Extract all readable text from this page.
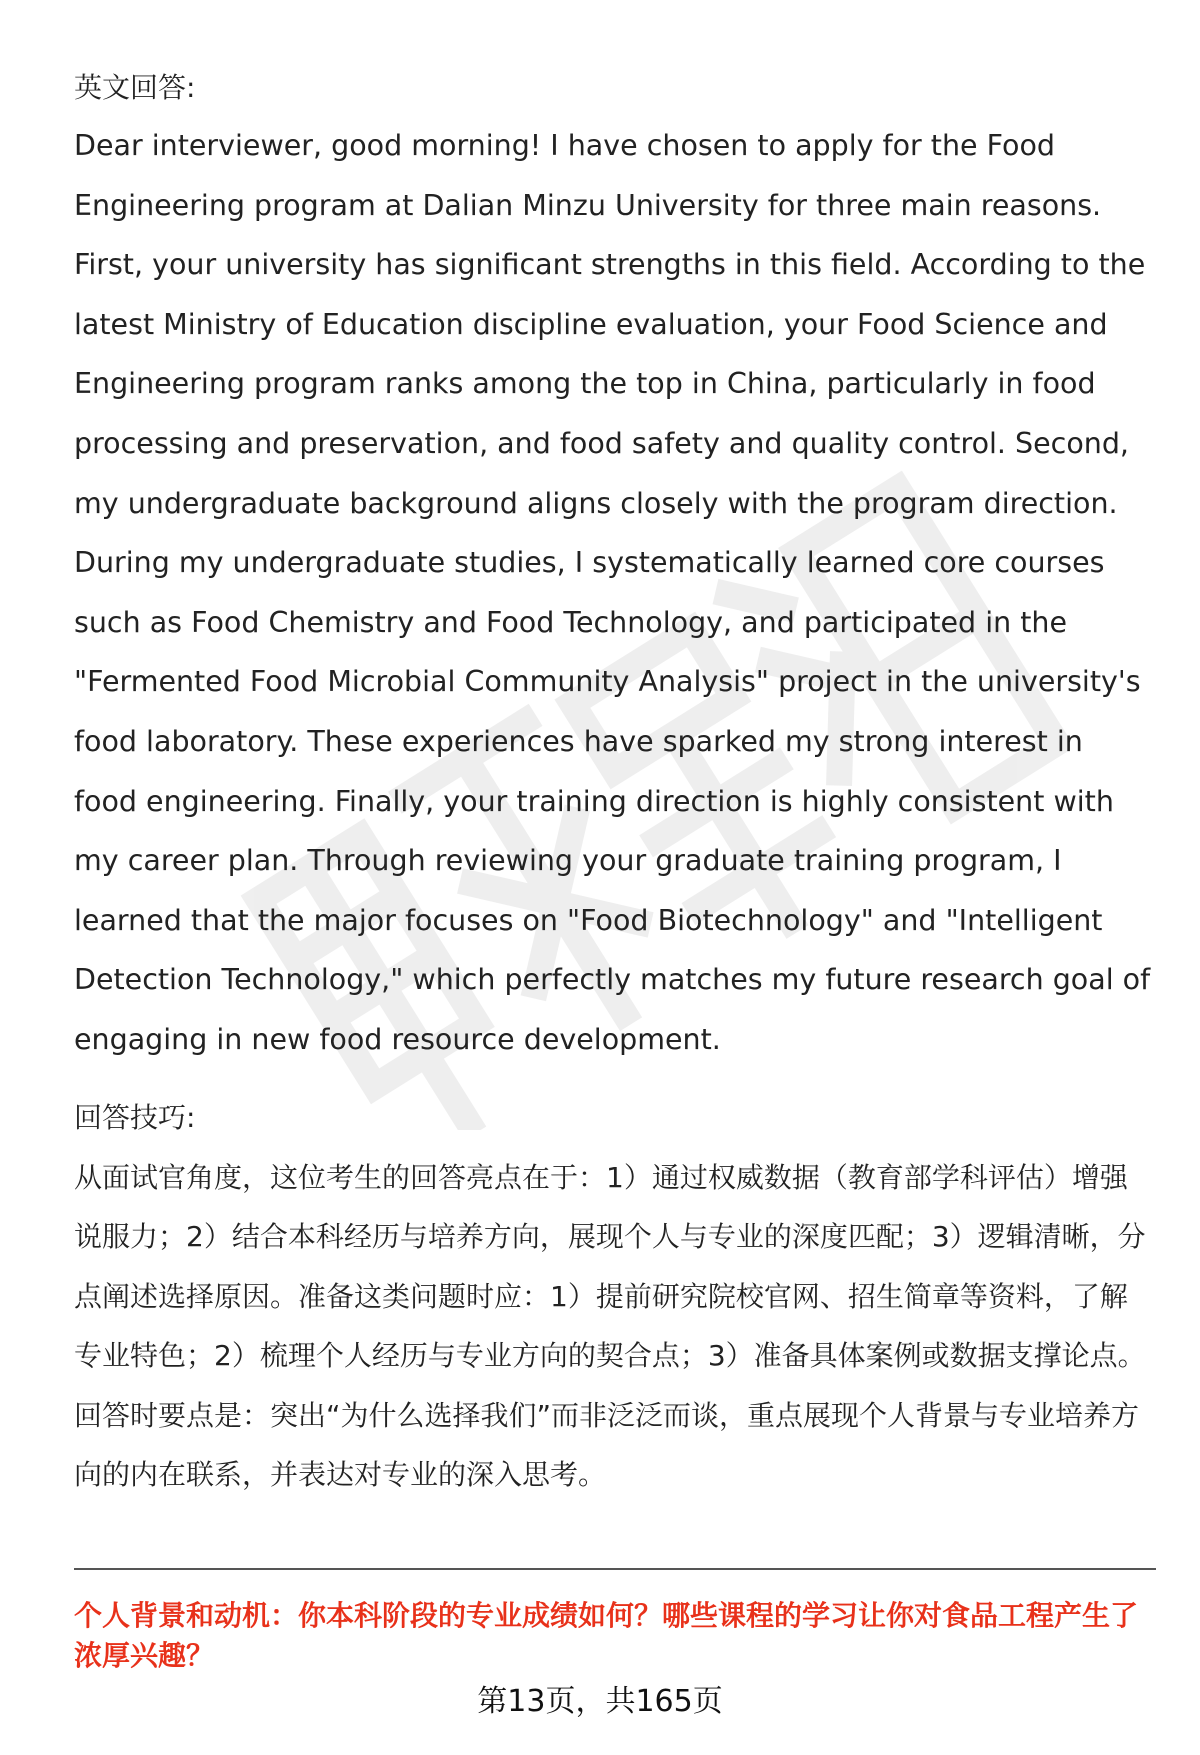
英文回答:

Dear interviewer, good morning! I have chosen to apply for the Food Engineering program at Dalian Minzu University for three main reasons. First, your university has significant strengths in this field. According to the latest Ministry of Education discipline evaluation, your Food Science and Engineering program ranks among the top in China, particularly in food processing and preservation, and food safety and quality control. Second, my undergraduate background aligns closely with the program direction. During my undergraduate studies, I systematically learned core courses such as Food Chemistry and Food Technology, and participated in the "Fermented Food Microbial Community Analysis" project in the university's food laboratory. These experiences have sparked my strong interest in food engineering. Finally, your training direction is highly consistent with my career plan. Through reviewing your graduate training program, I learned that the major focuses on "Food Biotechnology" and "Intelligent Detection Technology," which perfectly matches my future research goal of engaging in new food resource development.

回答技巧:

从面试官角度，这位考生的回答亮点在于：1）通过权威数据（教育部学科评估）增强说服力；2）结合本科经历与培养方向，展现个人与专业的深度匹配；3）逻辑清晰，分点阐述选择原因。准备这类问题时应：1）提前研究院校官网、招生简章等资料，了解专业特色；2）梳理个人经历与专业方向的契合点；3）准备具体案例或数据支撑论点。回答时要点是：突出“为什么选择我们”而非泛泛而谈，重点展现个人背景与专业培养方向的内在联系，并表达对专业的深入思考。

个人背景和动机：你本科阶段的专业成绩如何？哪些课程的学习让你对食品工程产生了浓厚兴趣？

第13页，共165页
